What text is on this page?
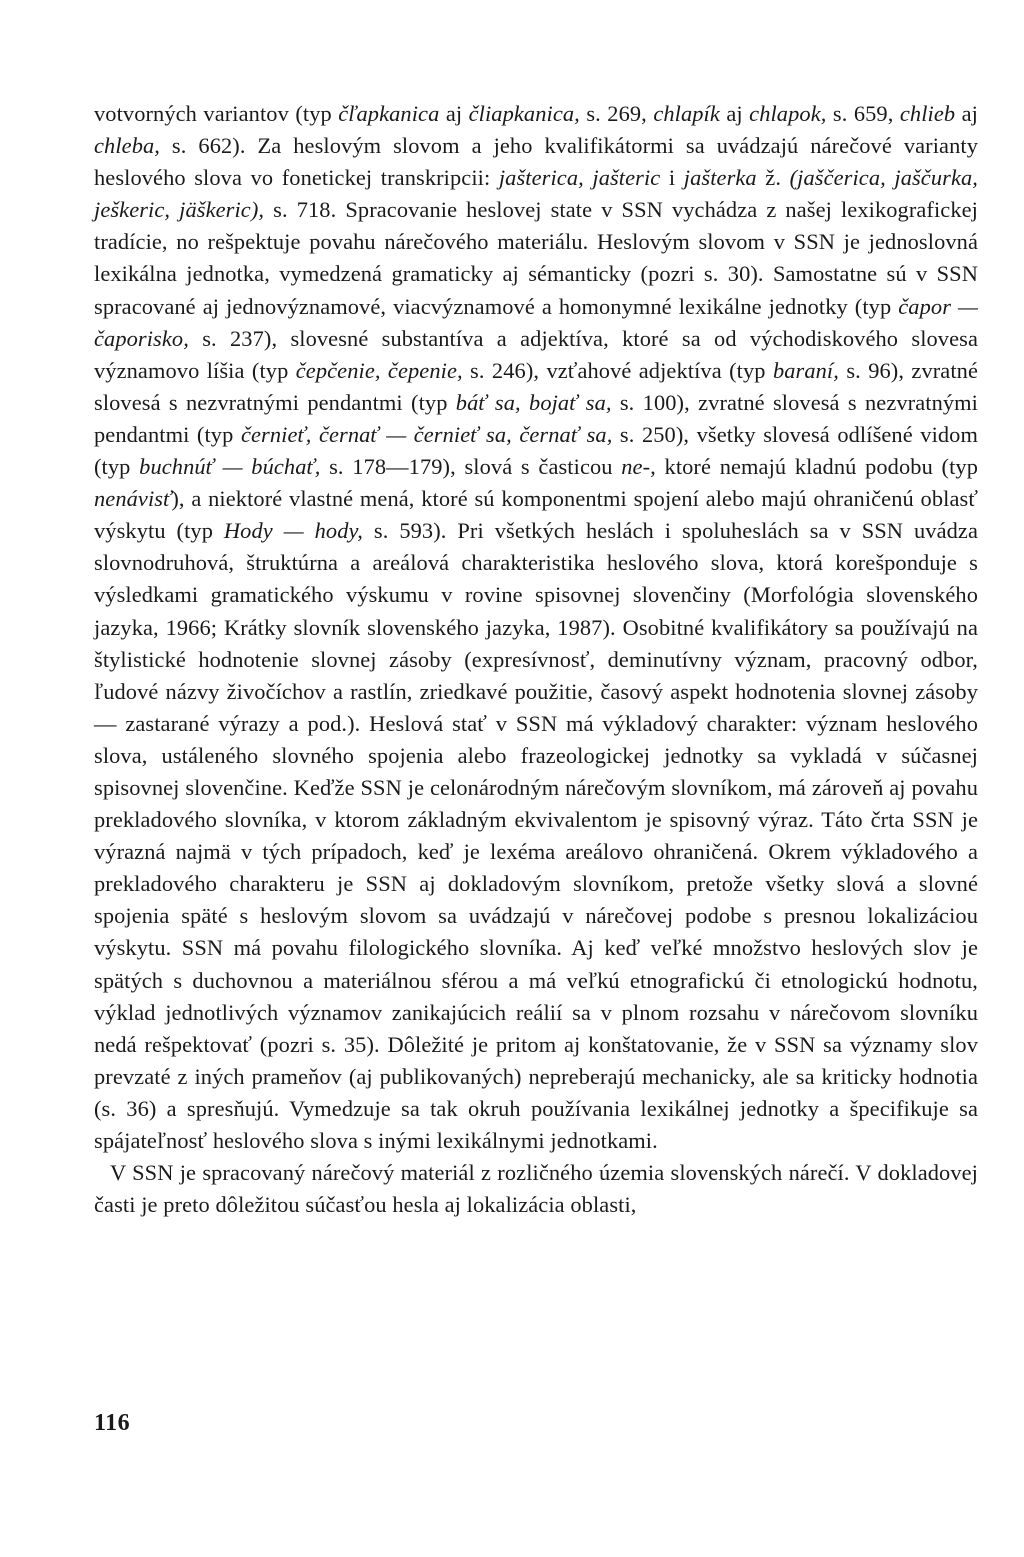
votvorných variantov (typ čľapkanica aj čliapkanica, s. 269, chlapík aj chlapok, s. 659, chlieb aj chleba, s. 662). Za heslovým slovom a jeho kvalifikátormi sa uvádzajú nárečové varianty heslového slova vo fonetickej transkripcii: jašterica, jašteric i jašterka ž. (jaščerica, jaščurka, ješkeric, jäškeric), s. 718. Spracovanie heslovej state v SSN vychádza z našej lexikografickej tradície, no rešpektuje povahu nárečového materiálu. Heslovým slovom v SSN je jednoslovná lexikálna jednotka, vymedzená gramaticky aj sémanticky (pozri s. 30). Samostatne sú v SSN spracované aj jednovýznamové, viacvýznamové a homonymné lexikálne jednotky (typ čapor — čaporisko, s. 237), slovesné substantíva a adjektíva, ktoré sa od východiskového slovesa významovo líšia (typ čepčenie, čepenie, s. 246), vzťahové adjektíva (typ baraní, s. 96), zvratné slovesá s nezvratnými pendantmi (typ báť sa, bojať sa, s. 100), zvratné slovesá s nezvratnými pendantmi (typ černieť, černať — černieť sa, černať sa, s. 250), všetky slovesá odlíšené vidom (typ buchnúť — búchať, s. 178—179), slová s časticou ne-, ktoré nemajú kladnú podobu (typ nenávisť), a niektoré vlastné mená, ktoré sú komponentmi spojení alebo majú ohraničenú oblasť výskytu (typ Hody — hody, s. 593). Pri všetkých heslách i spoluheslách sa v SSN uvádza slovnodruhová, štruktúrna a areálová charakteristika heslového slova, ktorá korešponduje s výsledkami gramatického výskumu v rovine spisovnej slovenčiny (Morfológia slovenského jazyka, 1966; Krátky slovník slovenského jazyka, 1987). Osobitné kvalifikátory sa používajú na štylistické hodnotenie slovnej zásoby (expresívnosť, deminutívny význam, pracovný odbor, ľudové názvy živočíchov a rastlín, zriedkavé použitie, časový aspekt hodnotenia slovnej zásoby — zastarané výrazy a pod.). Heslová stať v SSN má výkladový charakter: význam heslového slova, ustáleného slovného spojenia alebo frazeologickej jednotky sa vykladá v súčasnej spisovnej slovenčine. Keďže SSN je celonárodným nárečovým slovníkom, má zároveň aj povahu prekladového slovníka, v ktorom základným ekvivalentom je spisovný výraz. Táto črta SSN je výrazná najmä v tých prípadoch, keď je lexéma areálovo ohraničená. Okrem výkladového a prekladového charakteru je SSN aj dokladovým slovníkom, pretože všetky slová a slovné spojenia späté s heslovým slovom sa uvádzajú v nárečovej podobe s presnou lokalizáciou výskytu. SSN má povahu filologického slovníka. Aj keď veľké množstvo heslových slov je spätých s duchovnou a materiálnou sférou a má veľkú etnografickú či etnologickú hodnotu, výklad jednotlivých významov zanikajúcich reálií sa v plnom rozsahu v nárečovom slovníku nedá rešpektovať (pozri s. 35). Dôležité je pritom aj konštatovanie, že v SSN sa významy slov prevzaté z iných prameňov (aj publikovaných) nepreberajú mechanicky, ale sa kriticky hodnotia (s. 36) a spresňujú. Vymedzuje sa tak okruh používania lexikálnej jednotky a špecifikuje sa spájateľnosť heslového slova s inými lexikálnymi jednotkami.

V SSN je spracovaný nárečový materiál z rozličného územia slovenských nárečí. V dokladovej časti je preto dôležitou súčasťou hesla aj lokalizácia oblasti,

116
